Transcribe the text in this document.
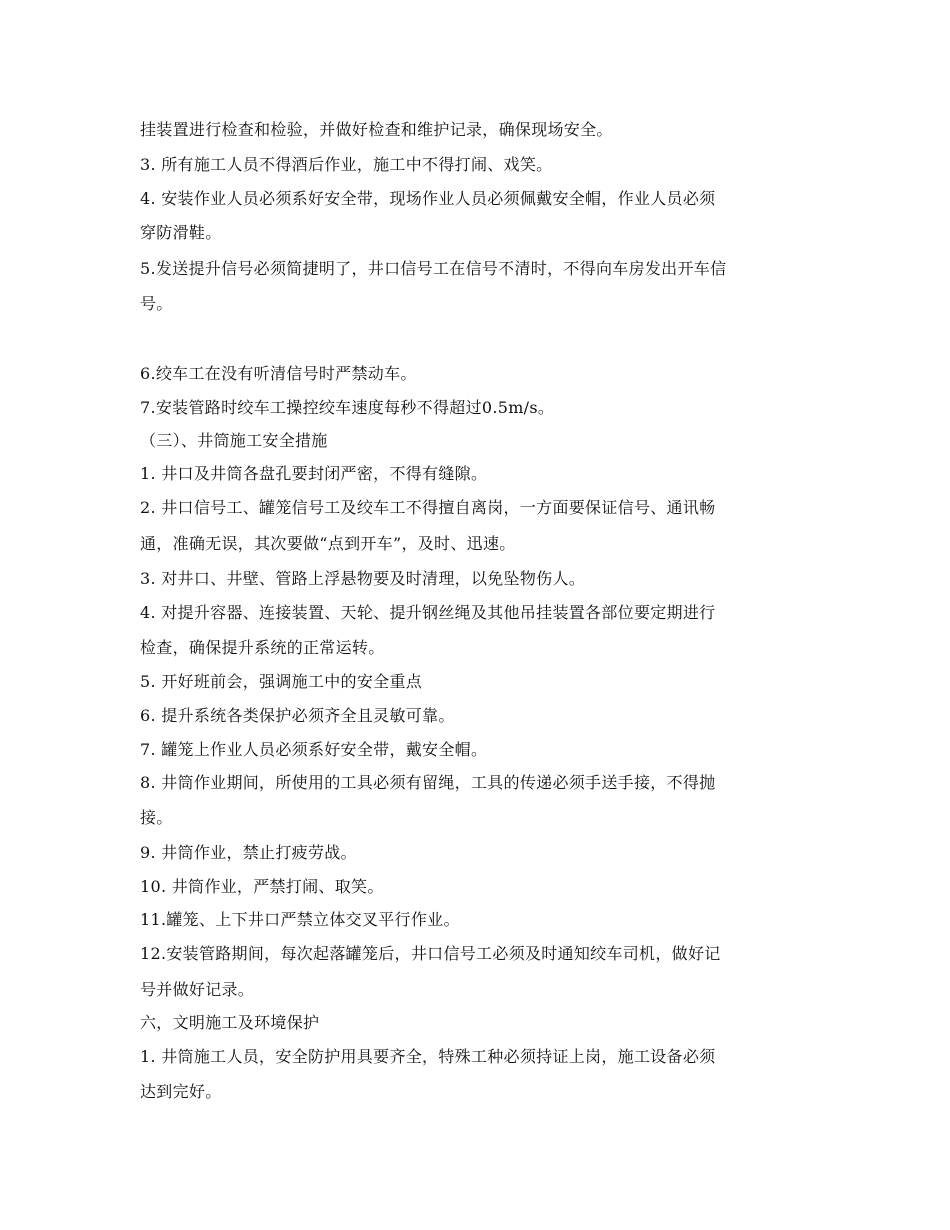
挂装置进行检查和检验，并做好检查和维护记录，确保现场安全。
3. 所有施工人员不得酒后作业，施工中不得打闹、戏笑。
4. 安装作业人员必须系好安全带，现场作业人员必须佩戴安全帽，作业人员必须
穿防滑鞋。
5.发送提升信号必须简捷明了，井口信号工在信号不清时，不得向车房发出开车信
号。
6.绞车工在没有听清信号时严禁动车。
7.安装管路时绞车工操控绞车速度每秒不得超过0.5m/s。
（三）、井筒施工安全措施
1. 井口及井筒各盘孔要封闭严密，不得有缝隙。
2. 井口信号工、罐笼信号工及绞车工不得擅自离岗，一方面要保证信号、通讯畅
通，准确无误，其次要做“点到开车”，及时、迅速。
3. 对井口、井壁、管路上浮悬物要及时清理，以免坠物伤人。
4. 对提升容器、连接装置、天轮、提升钢丝绳及其他吊挂装置各部位要定期进行
检查，确保提升系统的正常运转。
5. 开好班前会，强调施工中的安全重点
6. 提升系统各类保护必须齐全且灵敏可靠。
7. 罐笼上作业人员必须系好安全带，戴安全帽。
8. 井筒作业期间，所使用的工具必须有留绳，工具的传递必须手送手接，不得抛
接。
9. 井筒作业，禁止打疲劳战。
10. 井筒作业，严禁打闹、取笑。
11.罐笼、上下井口严禁立体交叉平行作业。
12.安装管路期间，每次起落罐笼后，井口信号工必须及时通知绞车司机，做好记
号并做好记录。
六，文明施工及环境保护
1. 井筒施工人员，安全防护用具要齐全，特殊工种必须持证上岗，施工设备必须
达到完好。
